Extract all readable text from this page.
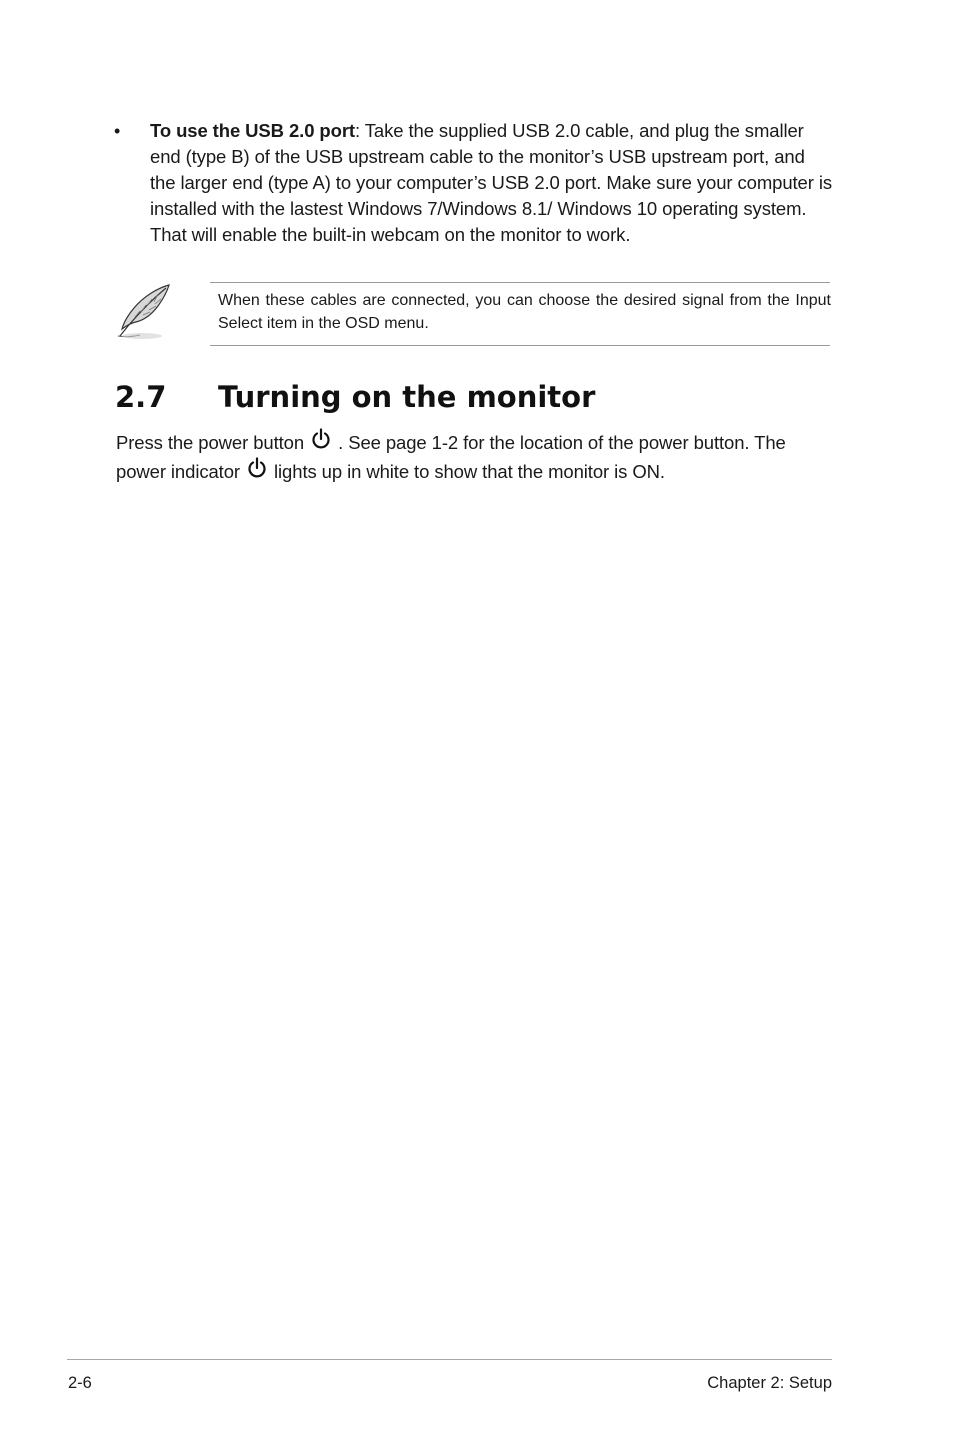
• To use the USB 2.0 port: Take the supplied USB 2.0 cable, and plug the smaller end (type B) of the USB upstream cable to the monitor’s USB upstream port, and the larger end (type A) to your computer’s USB 2.0 port. Make sure your computer is installed with the lastest Windows 7/Windows 8.1/ Windows 10 operating system. That will enable the built-in webcam on the monitor to work.
When these cables are connected, you can choose the desired signal from the Input Select item in the OSD menu.
2.7 Turning on the monitor
Press the power button
. See page 1-2 for the location of the power button. The power indicator
lights up in white to show that the monitor is ON.
2-6	Chapter 2: Setup
